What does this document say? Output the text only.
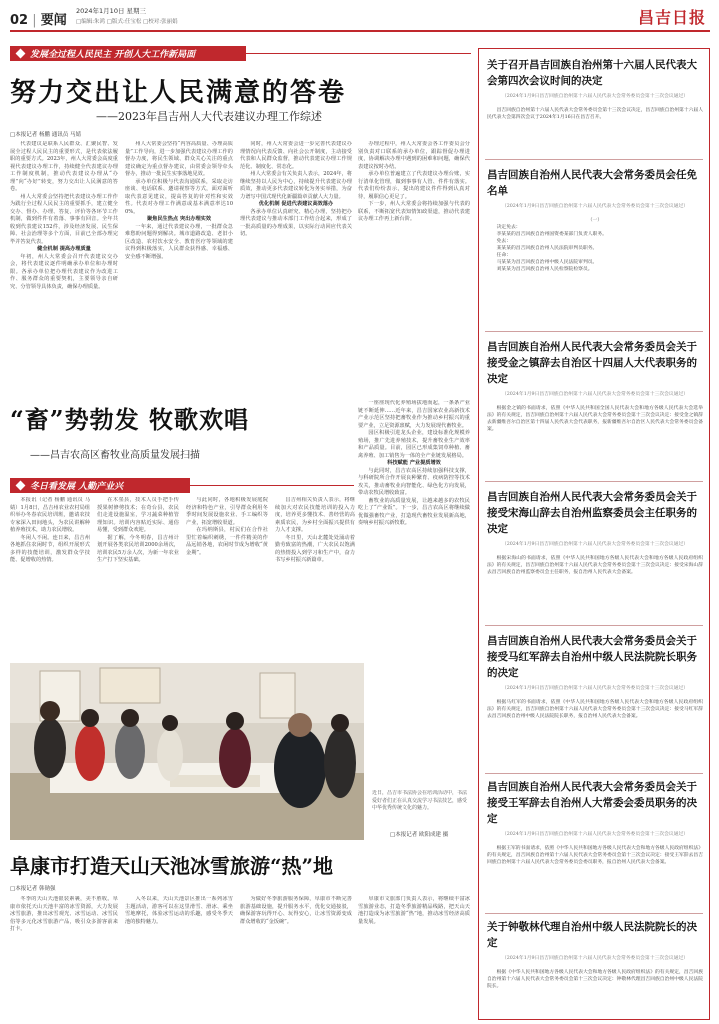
02 | 要闻
2024年1月10日 星期三
□编辑:朱鸿 □版式:任宝松 □校对:张丽娟	昌吉日报
发展全过程人民民主 开创人大工作新局面
努力交出让人民满意的答卷
——2023年昌吉州人大代表建议办理工作综述
□本报记者 杨鹏 通讯员 马婧

代表建议是联系人民群众、汇聚民智、发展全过程人民民主的重要形式，是代表依法履职的重要方式。2023年，州人大常委会高度重视代表建议办理工作，持续健全代表建议办理工作制度机制，推动代表建议办理从“办理”向“办好”转变，努力交出让人民满意的答卷。

州人大常委会坚持把代表建议办理工作作为践行全过程人民民主的重要抓手，建立健全交办、督办、办理、答复、评价等各环节工作机制，做到件件有着落、事事有回音。全年共收到代表建议152件，涉及经济发展、民生保障、社会治理等多个方面，目前已全部办理完毕并答复代表。

健全机制 提高办理质量

年初，州人大常委会召开代表建议交办会，将代表建议逐件明确承办单位和办理时限。各承办单位把办理代表建议作为改进工作、服务群众的重要契机，主要领导亲自研究、分管领导具体负责，确保办理质量。

州人大常委会坚持“内容高质量、办理高质量”工作导向，进一步加强代表建议办理工作的督办力度，将民生领域、群众关心关注的重点建议确定为重点督办建议，由常委会领导牵头督办，推动一批民生实事落地见效。

承办单位积极与代表沟通联系，采取走访座谈、电话联系、邀请视察等方式，面对面听取代表意见建议，提高答复的针对性和实效性。代表对办理工作满意或基本满意率达100%。

聚焦民生热点 突出办理实效

一年来，通过代表建议办理，一批群众急难愁盼问题得到解决。城市道路改造、老旧小区改造、农村饮水安全、教育医疗等领域的建议得到积极落实，人民群众获得感、幸福感、安全感不断增强。

同时，州人大常委会进一步完善代表建议办理情况向代表反馈、向社会公开制度，主动接受代表和人民群众监督，推动代表建议办理工作规范化、制度化、常态化。

州人大常委会有关负责人表示，2024年，将继续坚持以人民为中心，持续提升代表建议办理质效，推动更多代表建议转化为务实举措，为奋力谱写中国式现代化新疆篇章贡献人大力量。

优化机制 促进代表建议高效落办

各承办单位认真研究、精心办理，坚持把办理代表建议与推动本部门工作结合起来，形成了一批高质量的办理成果，以实际行动回应代表关切。

办理过程中，州人大常委会各工作委员会分别负责对口联系的承办单位，跟踪督促办理进度，协调解决办理中遇到的困难和问题，确保代表建议按时办结。

承办单位普遍建立了代表建议办理台账，实行清单化管理，做到事事有人管、件件有落实。代表们纷纷表示，提出的建议件件得到认真对待，履职信心更足了。

下一步，州人大常委会将持续加强与代表的联系，不断拓宽代表知情知政渠道，推动代表建议办理工作再上新台阶。

“畜”势勃发 牧歌欢唱
——昌吉农高区畜牧业高质量发展扫描

一座座现代化养殖场拔地而起，一条条产业链不断延伸……近年来，昌吉国家农业高新技术产业示范区坚持把畜牧业作为推动乡村振兴的重要产业，立足资源禀赋，大力发展现代畜牧业。

园区积极引进龙头企业，建设标准化规模养殖场，推广先进养殖技术，提升畜牧业生产效率和产品质量。目前，园区已形成集饲草种植、畜禽养殖、加工销售为一体的全产业链发展格局。

科技赋能 产业提质增效

与此同时，昌吉农高区持续加强科技支撑，与科研院所合作开展良种繁育、疫病防控等技术攻关，推动畜牧业向智能化、绿色化方向发展，带动农牧民增收致富。

畜牧业的高质量发展，让越来越多的农牧民吃上了“产业饭”。下一步，昌吉农高区将继续做优做强畜牧产业，打造现代畜牧业发展新高地，奏响乡村振兴新牧歌。

冬日看发展 人勤产业兴

本报讯（记者 杨鹏 通讯员 马婧）1月8日，昌吉州农业农村局组织举办冬春农民培训班，邀请农技专家深入田间地头，为农民讲解种植养殖技术，助力农民增收。

冬闲人不闲。连日来，昌吉州各地抓住农闲时节，组织开展形式多样的技能培训，激发群众学技能、促增收的热情。

在木垒县，技术人员手把手传授果树修剪技术；在奇台县，农民们走进设施温室，学习蔬菜种植管理知识。培训内容贴近实际、通俗易懂，受到群众欢迎。

据了解，今冬明春，昌吉州计划开展各类农民培训2000余场次，培训农民5万余人次，为新一年农业生产打下坚实基础。

与此同时，各地积极发展庭院经济和特色产业，引导群众利用冬季时间发展设施农业、手工编织等产业，拓宽增收渠道。

在玛纳斯县，村民们在合作社里忙着编织刺绣，一件件精美的作品远销各地，农闲时节成为增收“黄金期”。

昌吉州相关负责人表示，将继续加大对农民技能培训的投入力度，培养更多懂技术、善经营的高素质农民，为乡村全面振兴提供有力人才支撑。

冬日里，天山北麓处处涌动着勤劳致富的热潮，广大农民以饱满的热情投入到学习和生产中，奋力书写乡村振兴新篇章。

近日，昌吉市书法协会在培训活动中，书法爱好者们正在认真交流学习书法技艺，感受中华优秀传统文化的魅力。
□本报记者 欧阳成建 摄
阜康市打造天山天池冰雪旅游“热”地
□本报记者 韩勋强

冬季的天山天池银装素裹，美不胜收。阜康市依托天山天池丰富的冰雪资源，大力发展冰雪旅游，推出冰雪观光、冰雪运动、冰雪民俗等多元化冰雪旅游产品，吸引众多游客前来打卡。

入冬以来，天山天池景区推出一系列冰雪主题活动，游客可以在这里滑雪、滑冰、乘坐雪地摩托，体验冰雪运动的乐趣，感受冬季天池的独特魅力。

为做好冬季旅游服务保障，阜康市不断完善旅游基础设施，提升服务水平，优化交通接驳，确保游客玩得开心、玩得安心，让冰雪资源变成群众增收的“金饭碗”。

阜康市文旅部门负责人表示，将继续丰富冰雪旅游业态，打造冬季旅游精品线路，把天山天池打造成为冰雪旅游“热”地，推动冰雪经济高质量发展。

关于召开昌吉回族自治州第十六届人民代表大会第四次会议时间的决定
（2024年1月9日昌吉回族自治州第十六届人民代表大会常务委员会第十三次会议通过）

昌吉回族自治州第十六届人民代表大会常务委员会第十三次会议决定，昌吉回族自治州第十六届人民代表大会第四次会议于2024年1月16日在昌吉召开。

昌吉回族自治州人民代表大会常务委员会任免名单
（2024年1月9日昌吉回族自治州第十六届人民代表大会常务委员会第十三次会议通过）

（一）

决定免去：

李某某的昌吉回族自治州国资委某部门负责人职务。

免去：

某某某的昌吉回族自治州人民法院审判员职务。

任命：

马某某为昌吉回族自治州中级人民法院审判员。

刘某某为昌吉回族自治州人民检察院检察员。

昌吉回族自治州人民代表大会常务委员会关于接受金之镇辞去自治区十四届人大代表职务的决定
（2024年1月9日昌吉回族自治州第十六届人民代表大会常务委员会第十三次会议通过）

根据金之镇的书面请求，依照《中华人民共和国全国人民代表大会和地方各级人民代表大会选举法》的有关规定，昌吉回族自治州第十六届人民代表大会常务委员会第十三次会议决定：接受金之镇辞去新疆维吾尔自治区第十四届人民代表大会代表职务，报新疆维吾尔自治区人民代表大会常务委员会备案。

昌吉回族自治州人民代表大会常务委员会关于接受宋海山辞去自治州监察委员会主任职务的决定
（2024年1月9日昌吉回族自治州第十六届人民代表大会常务委员会第十三次会议通过）

根据宋海山的书面请求，依照《中华人民共和国地方各级人民代表大会和地方各级人民政府组织法》的有关规定，昌吉回族自治州第十六届人民代表大会常务委员会第十三次会议决定：接受宋海山辞去昌吉回族自治州监察委员会主任职务，报自治州人民代表大会备案。

昌吉回族自治州人民代表大会常务委员会关于接受马红军辞去自治州中级人民法院院长职务的决定
（2024年1月9日昌吉回族自治州第十六届人民代表大会常务委员会第十三次会议通过）

根据马红军的书面请求，依照《中华人民共和国地方各级人民代表大会和地方各级人民政府组织法》的有关规定，昌吉回族自治州第十六届人民代表大会常务委员会第十三次会议决定：接受马红军辞去昌吉回族自治州中级人民法院院长职务，报自治州人民代表大会备案。

昌吉回族自治州人民代表大会常务委员会关于接受王军辞去自治州人大常委会委员职务的决定
（2024年1月9日昌吉回族自治州第十六届人民代表大会常务委员会第十三次会议通过）

根据王军的书面请求，依照《中华人民共和国地方各级人民代表大会和地方各级人民政府组织法》的有关规定，昌吉回族自治州第十六届人民代表大会常务委员会第十三次会议决定：接受王军辞去昌吉回族自治州第十六届人民代表大会常务委员会委员职务，报自治州人民代表大会备案。

关于钟敬林代理自治州中级人民法院院长的决定
（2024年1月9日昌吉回族自治州第十六届人民代表大会常务委员会第十三次会议通过）

根据《中华人民共和国地方各级人民代表大会和地方各级人民政府组织法》的有关规定，昌吉回族自治州第十六届人民代表大会常务委员会第十三次会议决定：钟敬林代理昌吉回族自治州中级人民法院院长。
